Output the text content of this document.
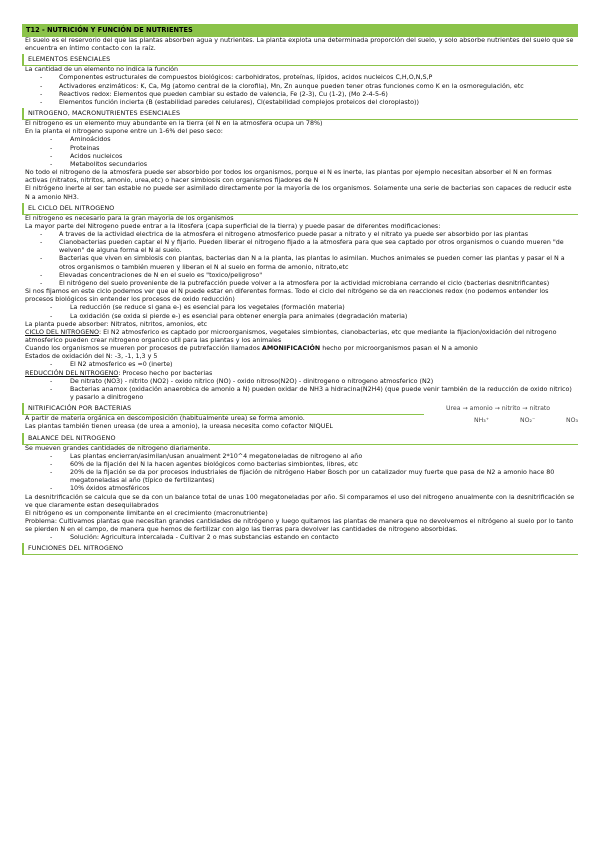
T12 - NUTRICIÓN Y FUNCIÓN DE NUTRIENTES

El suelo es el reservorio del que las plantas absorben agua y nutrientes. La planta explota una determinada proporción del suelo, y solo absorbe nutrientes del suelo que se encuentra en íntimo contacto con la raíz.

ELEMENTOS ESENCIALES

La cantidad de un elemento no indica la función

- Componentes estructurales de compuestos biológicos: carbohidratos, proteínas, lípidos, acidos nucleicos C,H,O,N,S,P
- Activadores enzimáticos: K, Ca, Mg (atomo central de la clorofila), Mn, Zn aunque pueden tener otras funciones como K en la osmoregulación, etc
- Reactivos redox: Elementos que pueden cambiar su estado de valencia, Fe (2-3), Cu (1-2), (Mo 2-4-5-6)
- Elementos función incierta (B (estabilidad paredes celulares), Cl(estabilidad complejos proteicos del cloroplasto))
NITROGENO, MACRONUTRIENTES ESENCIALES

El nitrogeno es un elemento muy abundante en la tierra (el N en la atmosfera ocupa un 78%)

En la planta el nitrogeno supone entre un 1-6% del peso seco:

- Aminoácidos
- Proteinas
- Acidos nucleicos
- Metabolitos secundarios

No todo el nitrogeno de la atmosfera puede ser absorbido por todos los organismos, porque el N es inerte, las plantas por ejemplo necesitan absorber el N en formas activas (nitratos, nitritos, amonio, urea,etc) o hacer simbiosis con organismos fijadores de N

El nitrógeno inerte al ser tan estable no puede ser asimilado directamente por la mayoría de los organismos. Solamente una serie de bacterias son capaces de reducir este N a amonio NH3.

EL CICLO DEL NITROGENO

El nitrogeno es necesario para la gran mayoria de los organismos

La mayor parte del Nitrogeno puede entrar a la litosfera (capa superficial de la tierra) y puede pasar de diferentes modificaciones:

- A traves de la actividad electrica de la atmosfera el nitrogeno atmosferico puede pasar a nitrato y el nitrato ya puede ser absorbido por las plantas
- Cianobacterias pueden captar el N y fijarlo. Pueden liberar el nitrogeno fijado a la atmosfera para que sea captado por otros organismos o cuando mueren "de welven" de alguna forma el N al suelo.
- Bacterias que viven en simbiosis con plantas, bacterias dan N a la planta, las plantas lo asimilan. Muchos animales se pueden comer las plantas y pasar el N a otros organismos o también mueren y liberan el N al suelo en forma de amonio, nitrato,etc
- Elevadas concentraciones de N en el suelo es "toxico/peligroso"
- El nitrógeno del suelo proveniente de la putrefacción puede volver a la atmosfera por la actividad microbiana cerrando el ciclo (bacterias desnitrificantes)

Si nos fijamos en este ciclo podemos ver que el N puede estar en diferentes formas. Todo el ciclo del nitrógeno se da en reacciones redox (no podemos entender los procesos biológicos sin entender los procesos de oxido reducción)

- La reducción (se reduce si gana e-) es esencial para los vegetales (formación materia)
- La oxidación (se oxida si pierde e-) es esencial para obtener energía para animales (degradación materia)

La planta puede absorber: Nitratos, nitritos, amonios, etc

CICLO DEL NITROGENO: El N2 atmosferico es captado por microorganismos, vegetales simbiontes, cianobacterias, etc que mediante la fijacion/oxidación del nitrogeno atmosferico pueden crear nitrogeno organico util para las plantas y los animales

Cuando los organismos se mueren por procesos de putrefacción llamados AMONIFICACIÓN hecho por microorganismos pasan el N a amonio

Estados de oxidación del N: -3, -1, 1,3 y 5

- El N2 atmosferico es =0 (inerte)

REDUCCIÓN DEL NITROGENO: Proceso hecho por bacterias

- De nitrato (NO3) - nitrito (NO2) - oxido nitrico (NO) - oxido nitroso(N2O) - dinitrogeno o nitrogeno atmosferico (N2)
- Bacterias anamox (oxidación anaerobica de amonio a N) pueden oxidar de NH3 a hidracina(N2H4) (que puede venir también de la reducción de oxido nitrico) y pasarlo a dinitrogeno
NITRIFICACIÓN POR BACTERIAS

A partir de materia orgánica en descomposición (habitualmente urea) se forma amonio.

Las plantas también tienen ureasa (de urea a amonio), la ureasa necesita como cofactor NIQUEL

Urea → amonio → nitrito → nitrato
NH₃⁺	NO₂⁻	NO₃
BALANCE DEL NITROGENO

Se mueven grandes cantidades de nitrogeno diariamente.

- Las plantas encierran/asimilan/usan anualment 2*10^4 megatoneladas de nitrogeno al año
- 60% de la fijación del N la hacen agentes biológicos como bacterias simbiontes, libres, etc
- 20% de la fijación se da por procesos industriales de fijación de nitrógeno Haber Bosch por un catalizador muy fuerte que pasa de N2 a amonio hace 80 megatoneladas al año (típico de fertilizantes)
- 10% óxidos atmosféricos

La desnitrificación se calcula que se da con un balance total de unas 100 megatoneladas por año. Si comparamos el uso del nitrogeno anualmente con la desnitrificación se ve que claramente estan desequilabrados

El nitrógeno es un componente limitante en el crecimiento (macronutriente)

Problema: Cultivamos plantas que necesitan grandes cantidades de nitrógeno y luego quitamos las plantas de manera que no devolvemos el nitrógeno al suelo por lo tanto se pierden N en el campo, de manera que hemos de fertilizar con algo las tierras para devolver las cantidades de nitrogeno absorbidas.

- Solución: Agricultura intercalada - Cultivar 2 o mas substancias estando en contacto
FUNCIONES DEL NITROGENO
